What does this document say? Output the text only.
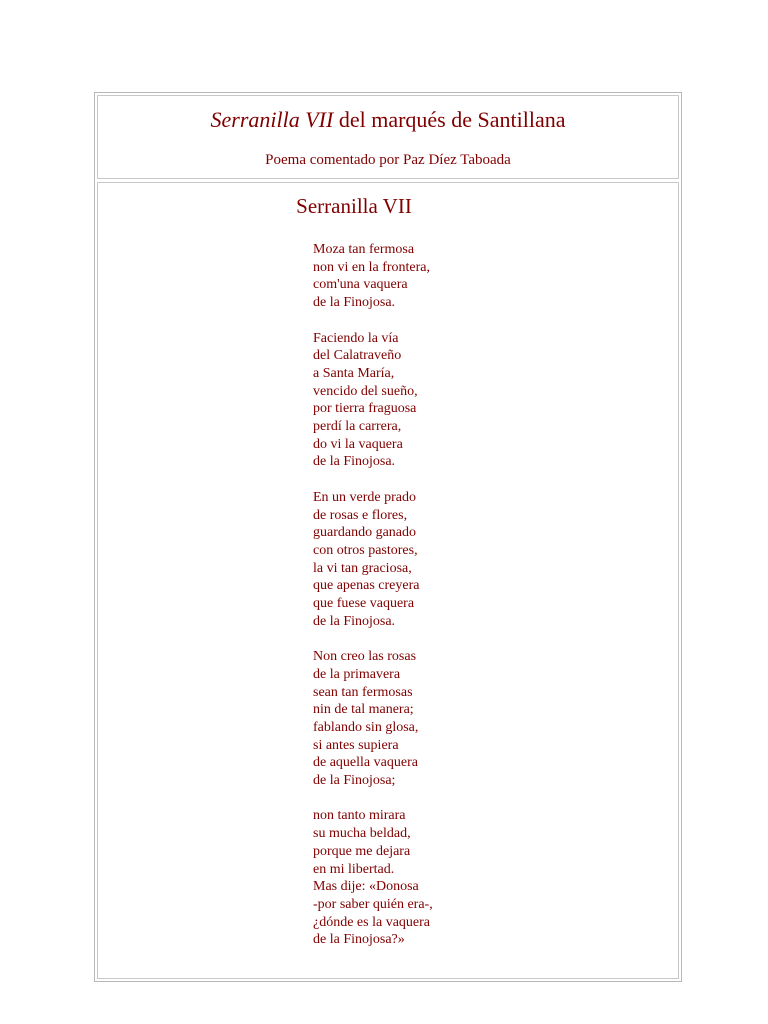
Serranilla VII del marqués de Santillana

Poema comentado por Paz Díez Taboada

Serranilla VII
Moza tan fermosa
non vi en la frontera,
com'una vaquera
de la Finojosa.
Faciendo la vía
del Calatraveño
a Santa María,
vencido del sueño,
por tierra fraguosa
perdí la carrera,
do vi la vaquera
de la Finojosa.
En un verde prado
de rosas e flores,
guardando ganado
con otros pastores,
la vi tan graciosa,
que apenas creyera
que fuese vaquera
de la Finojosa.
Non creo las rosas
de la primavera
sean tan fermosas
nin de tal manera;
fablando sin glosa,
si antes supiera
de aquella vaquera
de la Finojosa;
non tanto mirara
su mucha beldad,
porque me dejara
en mi libertad.
Mas dije: «Donosa
-por saber quién era-,
¿dónde es la vaquera
de la Finojosa?»
